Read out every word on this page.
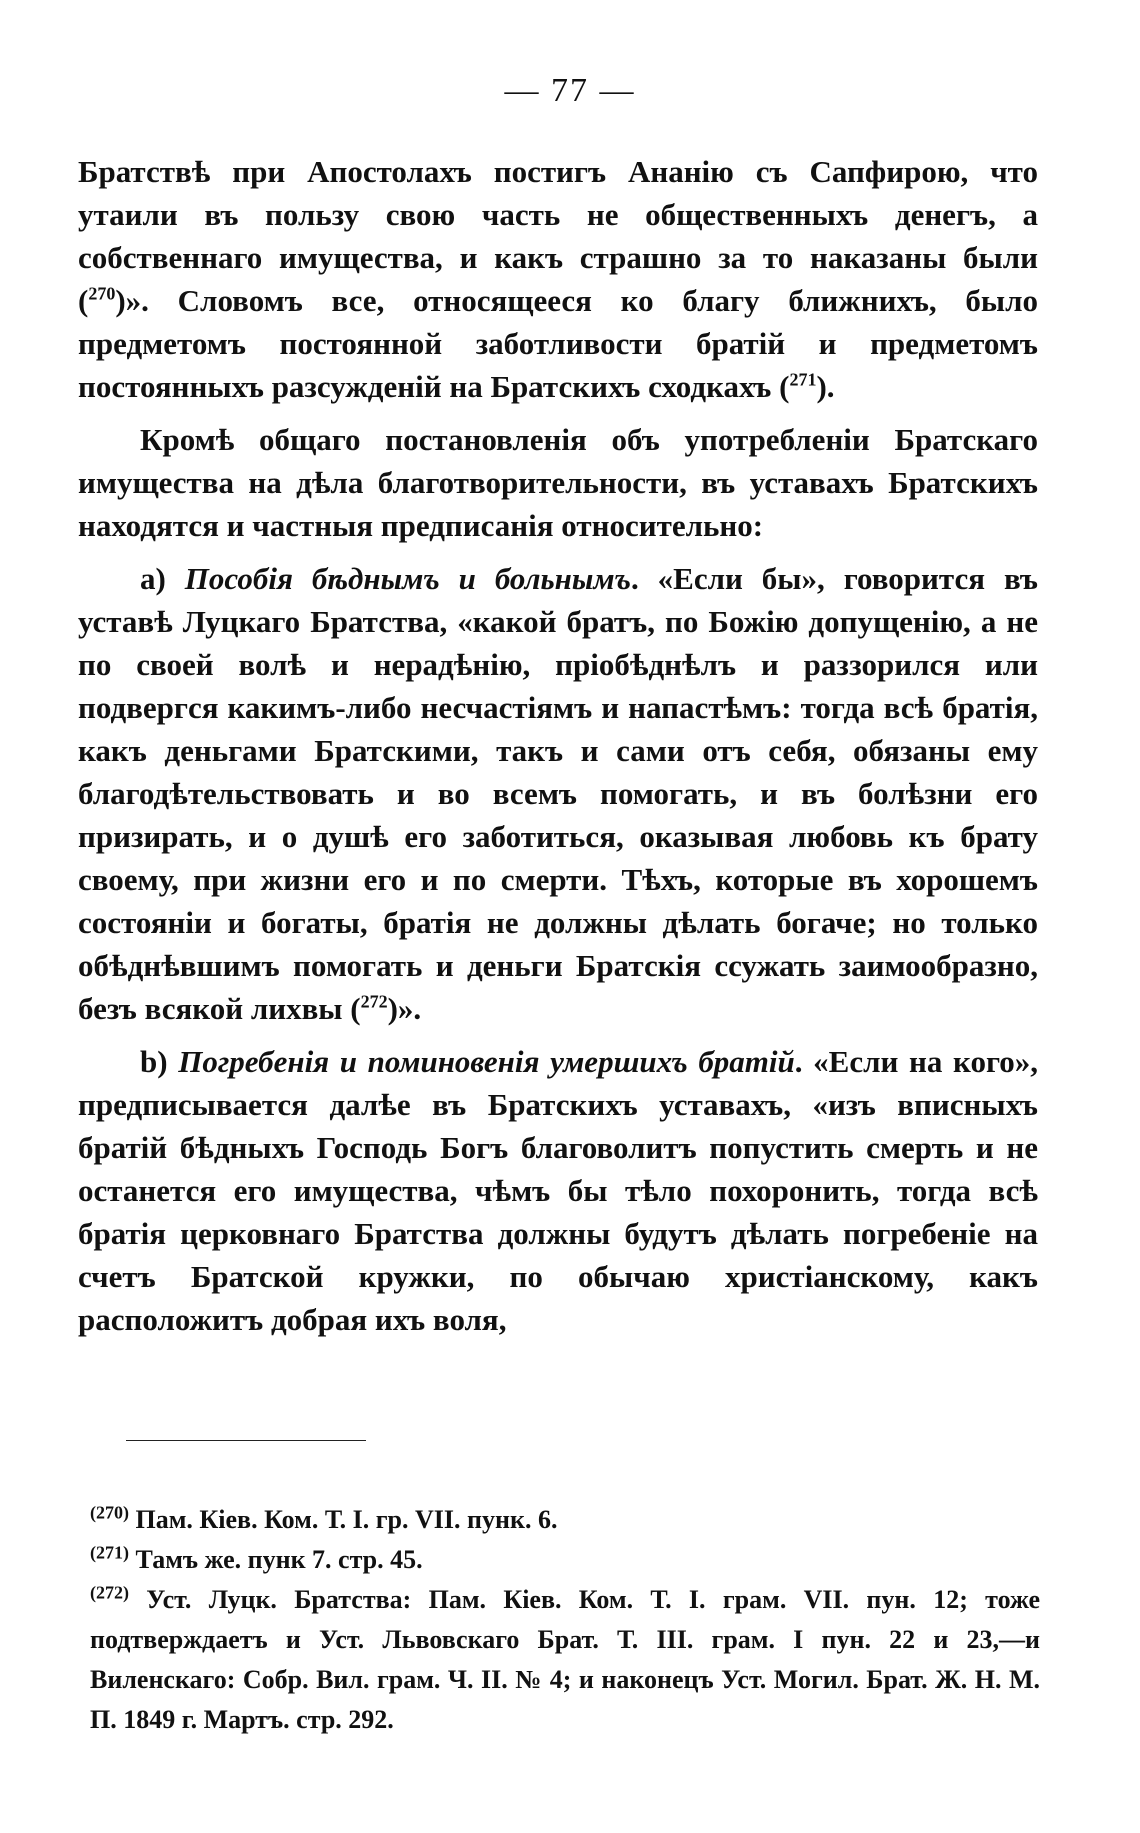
— 77 —

Братствѣ при Апостолахъ постигъ Ананію съ Сапфирою, что утаили въ пользу свою часть не общественныхъ денегъ, а собственнаго имущества, и какъ страшно за то наказаны были ($^{270}$)». Словомъ все, относящееся ко благу ближнихъ, было предметомъ постоянной заботливости братій и предметомъ постоянныхъ разсужденій на Братскихъ сходкахъ ($^{271}$).

Кромѣ общаго постановленія объ употребленіи Братскаго имущества на дѣла благотворительности, въ уставахъ Братскихъ находятся и частныя предписанія относительно:

a) Пособія бѣднымъ и больнымъ. «Если бы», говорится въ уставѣ Луцкаго Братства, «какой братъ, по Божію допущенію, а не по своей волѣ и нерадѣнію, пріобѣднѣлъ и раззорился или подвергся какимъ-либо несчастіямъ и напастѣмъ: тогда всѣ братія, какъ деньгами Братскими, такъ и сами отъ себя, обязаны ему благодѣтельствовать и во всемъ помогать, и въ болѣзни его призирать, и о душѣ его заботиться, оказывая любовь къ брату своему, при жизни его и по смерти. Тѣхъ, которые въ хорошемъ состояніи и богаты, братія не должны дѣлать богаче; но только обѣднѣвшимъ помогать и деньги Братскія ссужать заимообразно, безъ всякой лихвы ($^{272}$)».

b) Погребенія и поминовенія умершихъ братій. «Если на кого», предписывается далѣе въ Братскихъ уставахъ, «изъ вписныхъ братій бѣдныхъ Господь Богъ благоволитъ попустить смерть и не останется его имущества, чѣмъ бы тѣло похоронить, тогда всѣ братія церковнаго Братства должны будутъ дѣлать погребеніе на счетъ Братской кружки, по обычаю христіанскому, какъ расположитъ добрая ихъ воля,

$^{(270)}$ Пам. Кіев. Ком. Т. I. гр. VII. пунк. 6.

$^{(271)}$ Тамъ же. пунк 7. стр. 45.

$^{(272)}$ Уст. Луцк. Братства: Пам. Кіев. Ком. Т. I. грам. VII. пун. 12; тоже подтверждаетъ и Уст. Львовскаго Брат. Т. III. грам. I пун. 22 и 23,—и Виленскаго: Собр. Вил. грам. Ч. II. № 4; и наконецъ Уст. Могил. Брат. Ж. Н. М. П. 1849 г. Мартъ. стр. 292.
